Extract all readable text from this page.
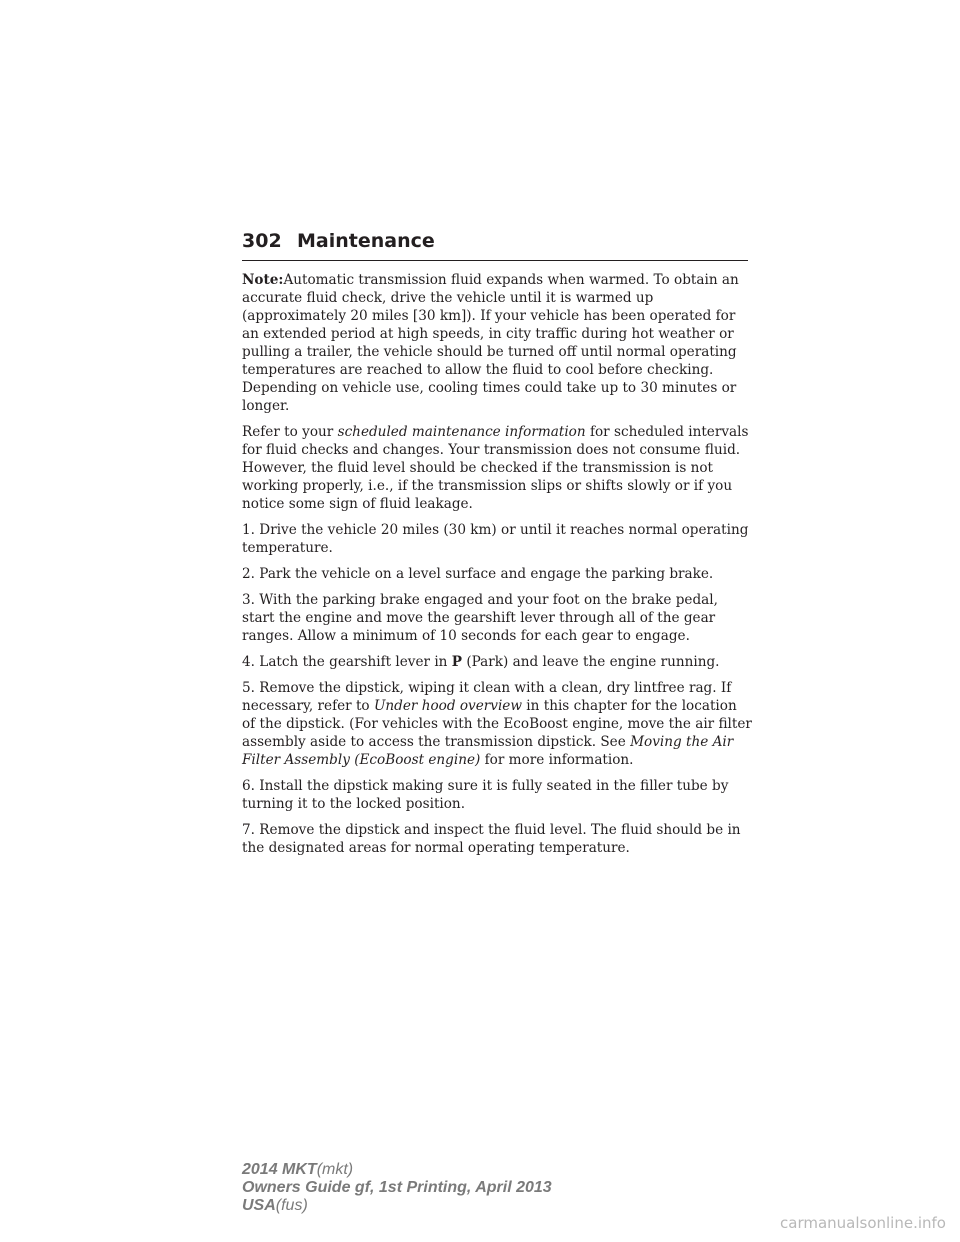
302 Maintenance

Note:Automatic transmission fluid expands when warmed. To obtain an accurate fluid check, drive the vehicle until it is warmed up (approximately 20 miles [30 km]). If your vehicle has been operated for an extended period at high speeds, in city traffic during hot weather or pulling a trailer, the vehicle should be turned off until normal operating temperatures are reached to allow the fluid to cool before checking. Depending on vehicle use, cooling times could take up to 30 minutes or longer.

Refer to your scheduled maintenance information for scheduled intervals for fluid checks and changes. Your transmission does not consume fluid. However, the fluid level should be checked if the transmission is not working properly, i.e., if the transmission slips or shifts slowly or if you notice some sign of fluid leakage.

1. Drive the vehicle 20 miles (30 km) or until it reaches normal operating temperature.

2. Park the vehicle on a level surface and engage the parking brake.

3. With the parking brake engaged and your foot on the brake pedal, start the engine and move the gearshift lever through all of the gear ranges. Allow a minimum of 10 seconds for each gear to engage.

4. Latch the gearshift lever in P (Park) and leave the engine running.

5. Remove the dipstick, wiping it clean with a clean, dry lintfree rag. If necessary, refer to Under hood overview in this chapter for the location of the dipstick. (For vehicles with the EcoBoost engine, move the air filter assembly aside to access the transmission dipstick. See Moving the Air Filter Assembly (EcoBoost engine) for more information.

6. Install the dipstick making sure it is fully seated in the filler tube by turning it to the locked position.

7. Remove the dipstick and inspect the fluid level. The fluid should be in the designated areas for normal operating temperature.

2014 MKT(mkt)
Owners Guide gf, 1st Printing, April 2013
USA(fus)
carmanualsonline.info
